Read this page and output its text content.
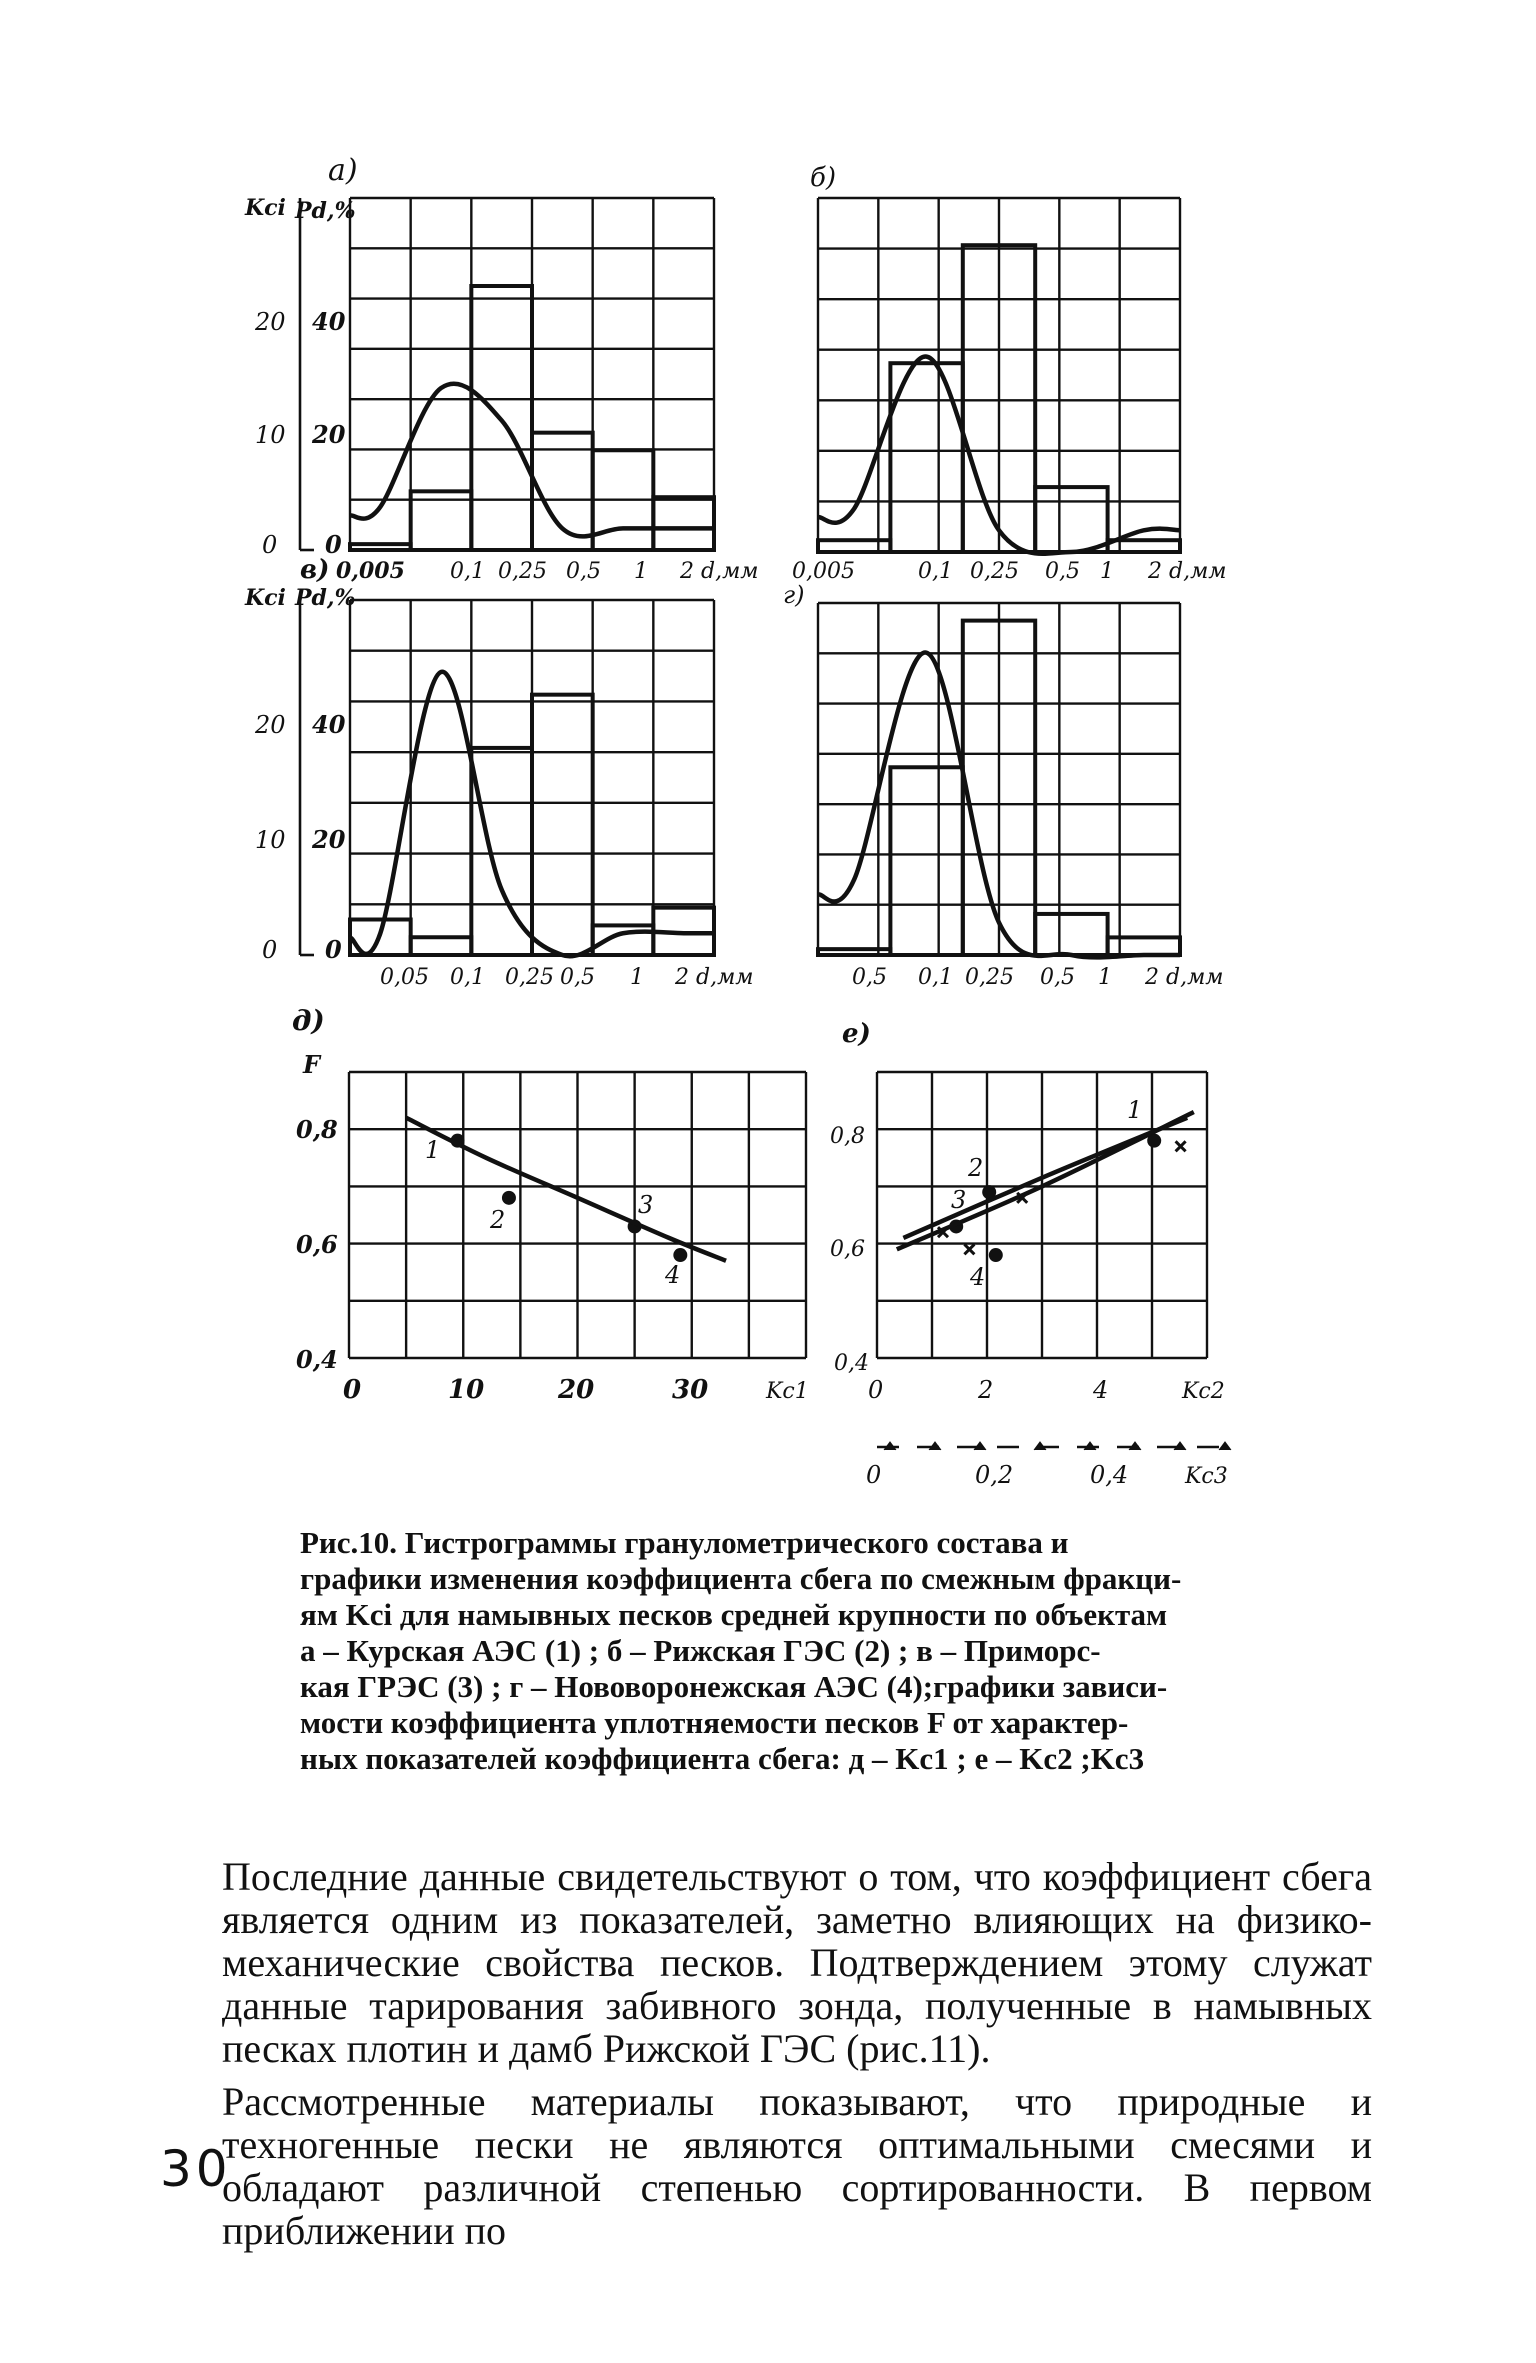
а)
Kci Pd,%
20
10
0
40
20
0
0,005 0,1 0,25 0,5 1 2 d,мм
б)
0,005	0,1 0,25 0,5 1 2 d,мм
в)
Kci Pd,%
20
10
0
40
20
0
0,05 0,1 0,25 0,5 1 2 d,мм
г)
0,5 0,1 0,25 0,5 1 2 d,мм
д)
F
0,8
0,6
0,4
0	10	20	30	Kc1
1
2
3
4
е)
0,8
0,6
0,4
0	2	4	Kc2
0	0,2	0,4	Kc3
1
2
3
4

Рис.10. Гистрограммы гранулометрического состава и

графики изменения коэффициента сбега по смежным фракци-

ям Kci для намывных песков средней крупности по объектам

а – Курская АЭС (1) ; б – Рижская ГЭС (2) ; в – Приморс-

кая ГРЭС (3) ; г – Нововоронежская АЭС (4);графики зависи-

мости коэффициента уплотняемости песков F от характер-

ных показателей коэффициента сбега: д – Kc1 ; е – Kc2 ;Kc3

Последние данные свидетельствуют о том, что коэффициент сбега является одним из показателей, заметно влияющих на физико-механические свойства песков. Подтверждением этому служат данные тарирования забивного зонда, полученные в намывных песках плотин и дамб Рижской ГЭС (рис.11).

Рассмотренные материалы показывают, что природные и техногенные пески не являются оптимальными смесями и обладают различной степенью сортированности. В первом приближении по

30
